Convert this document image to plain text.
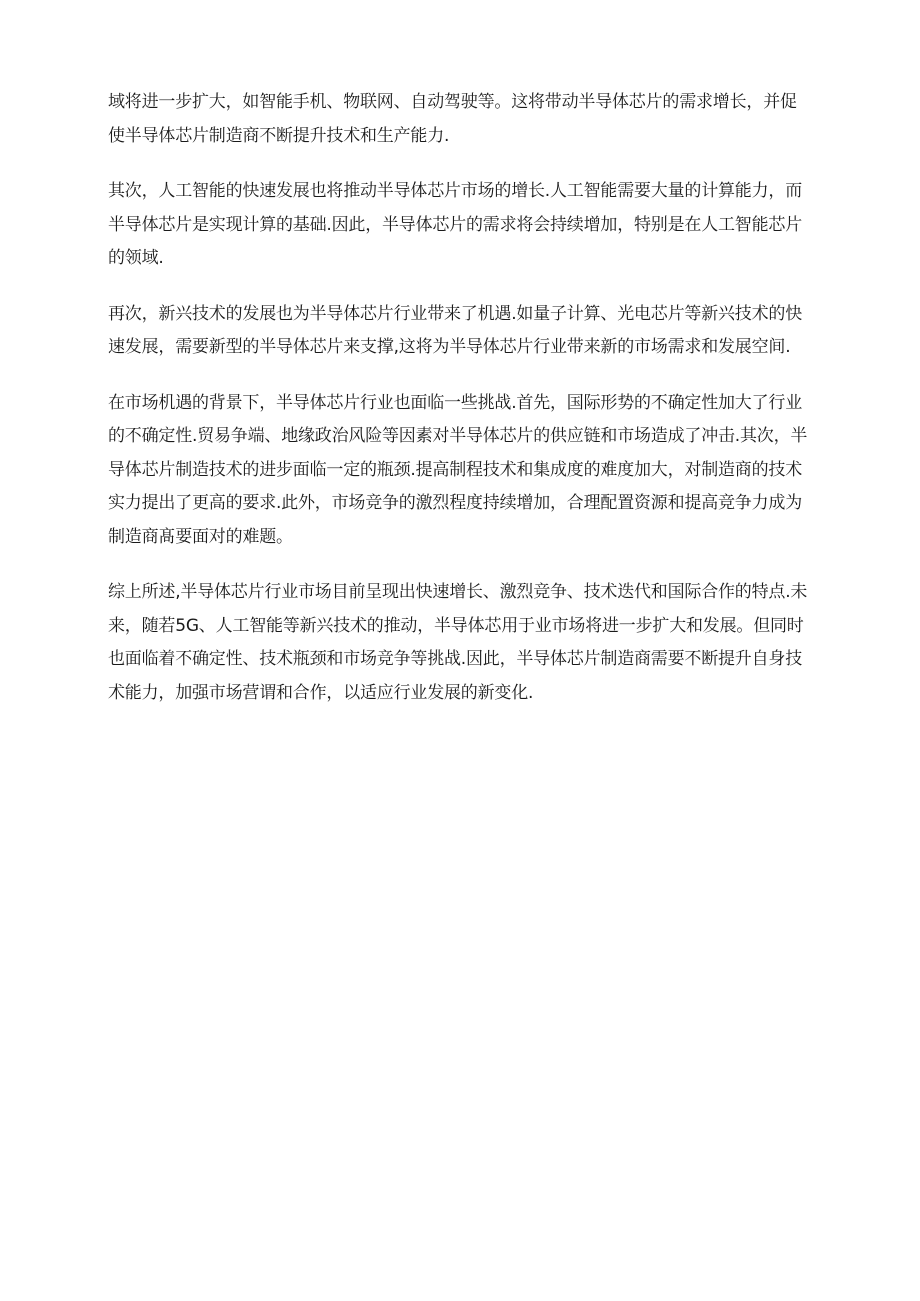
域将进一步扩大，如智能手机、物联网、自动驾驶等。这将带动半导体芯片的需求增长，并促
使半导体芯片制造商不断提升技术和生产能力.

其次，人工智能的快速发展也将推动半导体芯片市场的增长.人工智能需要大量的计算能力，而
半导体芯片是实现计算的基础.因此，半导体芯片的需求将会持续增加，特别是在人工智能芯片
的领域.

再次，新兴技术的发展也为半导体芯片行业带来了机遇.如量子计算、光电芯片等新兴技术的快
速发展，需要新型的半导体芯片来支撑,这将为半导体芯片行业带来新的市场需求和发展空间.

在市场机遇的背景下，半导体芯片行业也面临一些挑战.首先，国际形势的不确定性加大了行业
的不确定性.贸易争端、地缘政治风险等因素对半导体芯片的供应链和市场造成了冲击.其次，半
导体芯片制造技术的进步面临一定的瓶颈.提高制程技术和集成度的难度加大，对制造商的技术
实力提出了更高的要求.此外，市场竞争的激烈程度持续增加，合理配置资源和提高竞争力成为
制造商髙要面对的难题。

综上所述,半导体芯片行业市场目前呈现出快速增长、激烈竞争、技术迭代和国际合作的特点.未
来，随若5G、人工智能等新兴技术的推动，半导体芯用于业市场将进一步扩大和发展。但同时
也面临着不确定性、技术瓶颈和市场竞争等挑战.因此，半导体芯片制造商需要不断提升自身技
术能力，加强市场营谓和合作，以适应行业发展的新变化.
